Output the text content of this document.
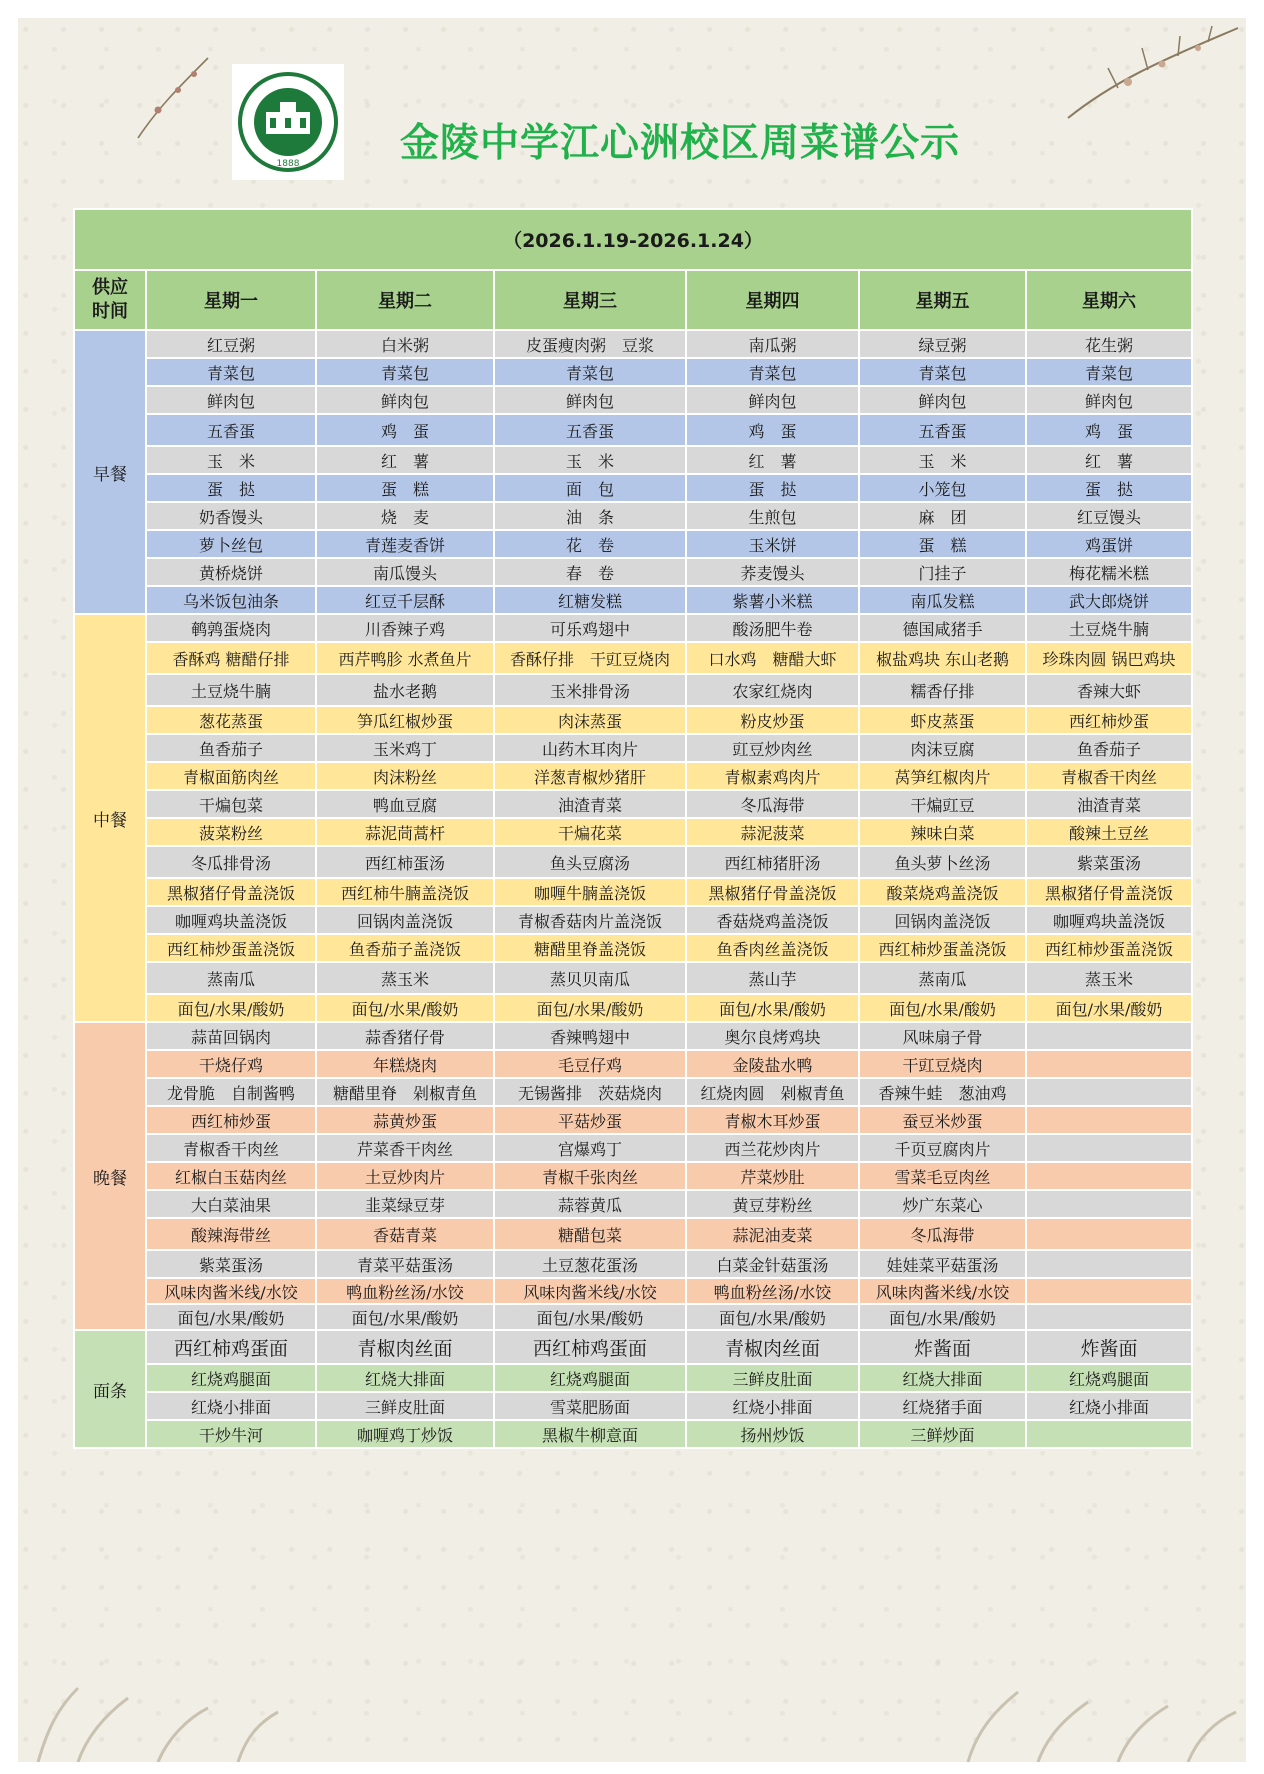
1888	金陵中学江心洲校区周菜谱公示
（2026.1.19-2026.1.24）						
供应
时间	星期一	星期二	星期三	星期四	星期五	星期六
早餐	红豆粥	白米粥	皮蛋瘦肉粥　豆浆	南瓜粥	绿豆粥	花生粥
	青菜包	青菜包	青菜包	青菜包	青菜包	青菜包
	鲜肉包	鲜肉包	鲜肉包	鲜肉包	鲜肉包	鲜肉包
	五香蛋	鸡　蛋	五香蛋	鸡　蛋	五香蛋	鸡　蛋
	玉　米	红　薯	玉　米	红　薯	玉　米	红　薯
	蛋　挞	蛋　糕	面　包	蛋　挞	小笼包	蛋　挞
	奶香馒头	烧　麦	油　条	生煎包	麻　团	红豆馒头
	萝卜丝包	青莲麦香饼	花　卷	玉米饼	蛋　糕	鸡蛋饼
	黄桥烧饼	南瓜馒头	春　卷	荞麦馒头	门挂子	梅花糯米糕
	乌米饭包油条	红豆千层酥	红糖发糕	紫薯小米糕	南瓜发糕	武大郎烧饼
中餐	鹌鹑蛋烧肉	川香辣子鸡	可乐鸡翅中	酸汤肥牛卷	德国咸猪手	土豆烧牛腩
	香酥鸡 糖醋仔排	西芹鸭胗 水煮鱼片	香酥仔排　干豇豆烧肉	口水鸡　糖醋大虾	椒盐鸡块 东山老鹅	珍珠肉圆 锅巴鸡块
	土豆烧牛腩	盐水老鹅	玉米排骨汤	农家红烧肉	糯香仔排	香辣大虾
	葱花蒸蛋	笋瓜红椒炒蛋	肉沫蒸蛋	粉皮炒蛋	虾皮蒸蛋	西红柿炒蛋
	鱼香茄子	玉米鸡丁	山药木耳肉片	豇豆炒肉丝	肉沫豆腐	鱼香茄子
	青椒面筋肉丝	肉沫粉丝	洋葱青椒炒猪肝	青椒素鸡肉片	莴笋红椒肉片	青椒香干肉丝
	干煸包菜	鸭血豆腐	油渣青菜	冬瓜海带	干煸豇豆	油渣青菜
	菠菜粉丝	蒜泥茼蒿杆	干煸花菜	蒜泥菠菜	辣味白菜	酸辣土豆丝
	冬瓜排骨汤	西红柿蛋汤	鱼头豆腐汤	西红柿猪肝汤	鱼头萝卜丝汤	紫菜蛋汤
	黑椒猪仔骨盖浇饭	西红柿牛腩盖浇饭	咖喱牛腩盖浇饭	黑椒猪仔骨盖浇饭	酸菜烧鸡盖浇饭	黑椒猪仔骨盖浇饭
	咖喱鸡块盖浇饭	回锅肉盖浇饭	青椒香菇肉片盖浇饭	香菇烧鸡盖浇饭	回锅肉盖浇饭	咖喱鸡块盖浇饭
	西红柿炒蛋盖浇饭	鱼香茄子盖浇饭	糖醋里脊盖浇饭	鱼香肉丝盖浇饭	西红柿炒蛋盖浇饭	西红柿炒蛋盖浇饭
	蒸南瓜	蒸玉米	蒸贝贝南瓜	蒸山芋	蒸南瓜	蒸玉米
	面包/水果/酸奶	面包/水果/酸奶	面包/水果/酸奶	面包/水果/酸奶	面包/水果/酸奶	面包/水果/酸奶
晚餐	蒜苗回锅肉	蒜香猪仔骨	香辣鸭翅中	奥尔良烤鸡块	风味扇子骨	
	干烧仔鸡	年糕烧肉	毛豆仔鸡	金陵盐水鸭	干豇豆烧肉	
	龙骨脆　自制酱鸭	糖醋里脊　剁椒青鱼	无锡酱排　茨菇烧肉	红烧肉圆　剁椒青鱼	香辣牛蛙　葱油鸡	
	西红柿炒蛋	蒜黄炒蛋	平菇炒蛋	青椒木耳炒蛋	蚕豆米炒蛋	
	青椒香干肉丝	芹菜香干肉丝	宫爆鸡丁	西兰花炒肉片	千页豆腐肉片	
	红椒白玉菇肉丝	土豆炒肉片	青椒千张肉丝	芹菜炒肚	雪菜毛豆肉丝	
	大白菜油果	韭菜绿豆芽	蒜蓉黄瓜	黄豆芽粉丝	炒广东菜心	
	酸辣海带丝	香菇青菜	糖醋包菜	蒜泥油麦菜	冬瓜海带	
	紫菜蛋汤	青菜平菇蛋汤	土豆葱花蛋汤	白菜金针菇蛋汤	娃娃菜平菇蛋汤	
	风味肉酱米线/水饺	鸭血粉丝汤/水饺	风味肉酱米线/水饺	鸭血粉丝汤/水饺	风味肉酱米线/水饺	
	面包/水果/酸奶	面包/水果/酸奶	面包/水果/酸奶	面包/水果/酸奶	面包/水果/酸奶	
面条	西红柿鸡蛋面	青椒肉丝面	西红柿鸡蛋面	青椒肉丝面	炸酱面	炸酱面
	红烧鸡腿面	红烧大排面	红烧鸡腿面	三鲜皮肚面	红烧大排面	红烧鸡腿面
	红烧小排面	三鲜皮肚面	雪菜肥肠面	红烧小排面	红烧猪手面	红烧小排面
	干炒牛河	咖喱鸡丁炒饭	黑椒牛柳意面	扬州炒饭	三鲜炒面	
